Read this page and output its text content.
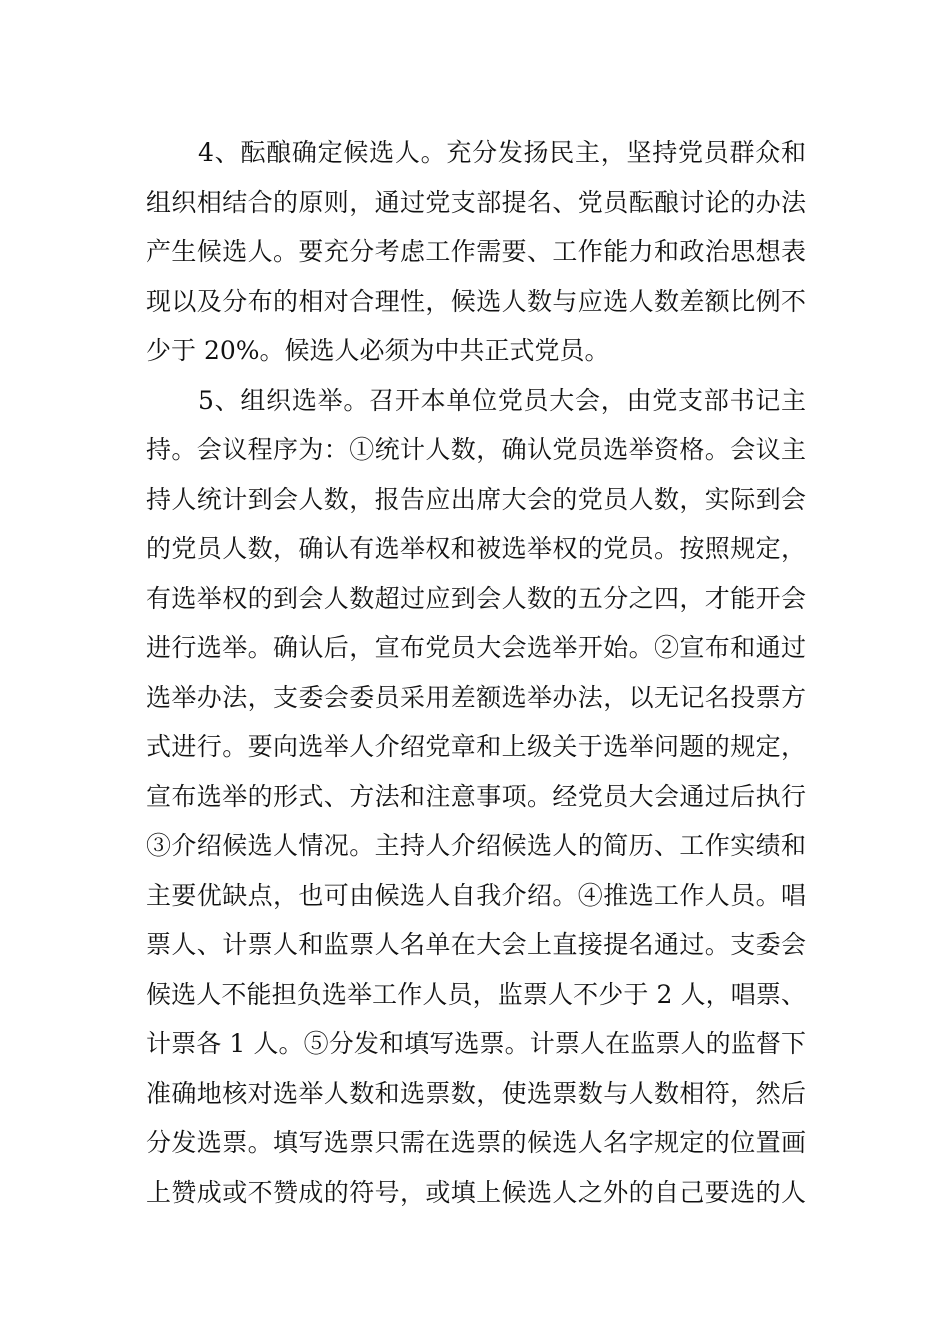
4、酝酿确定候选人。充分发扬民主，坚持党员群众和
组织相结合的原则，通过党支部提名、党员酝酿讨论的办法
产生候选人。要充分考虑工作需要、工作能力和政治思想表
现以及分布的相对合理性，候选人数与应选人数差额比例不
少于 20%。候选人必须为中共正式党员。
5、组织选举。召开本单位党员大会，由党支部书记主
持。会议程序为：①统计人数，确认党员选举资格。会议主
持人统计到会人数，报告应出席大会的党员人数，实际到会
的党员人数，确认有选举权和被选举权的党员。按照规定，
有选举权的到会人数超过应到会人数的五分之四，才能开会
进行选举。确认后，宣布党员大会选举开始。②宣布和通过
选举办法，支委会委员采用差额选举办法，以无记名投票方
式进行。要向选举人介绍党章和上级关于选举问题的规定，
宣布选举的形式、方法和注意事项。经党员大会通过后执行
③介绍候选人情况。主持人介绍候选人的简历、工作实绩和
主要优缺点，也可由候选人自我介绍。④推选工作人员。唱
票人、计票人和监票人名单在大会上直接提名通过。支委会
候选人不能担负选举工作人员，监票人不少于 2 人，唱票、
计票各 1 人。⑤分发和填写选票。计票人在监票人的监督下
准确地核对选举人数和选票数，使选票数与人数相符，然后
分发选票。填写选票只需在选票的候选人名字规定的位置画
上赞成或不赞成的符号，或填上候选人之外的自己要选的人
